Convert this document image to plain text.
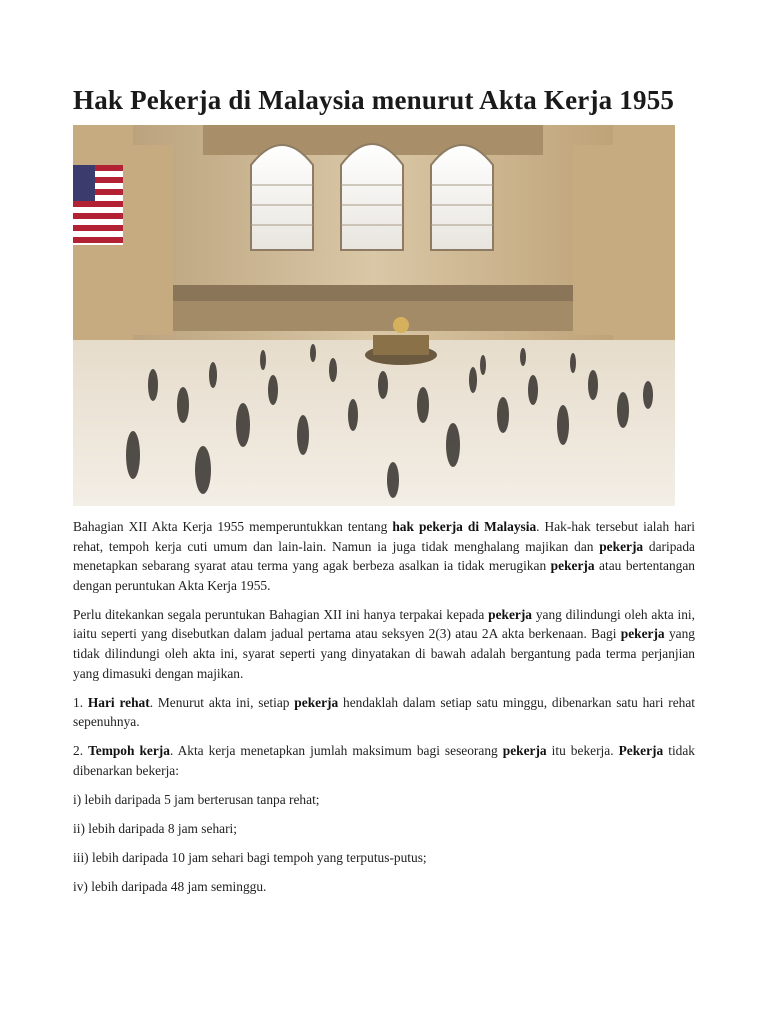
Hak Pekerja di Malaysia menurut Akta Kerja 1955

Bahagian XII Akta Kerja 1955 memperuntukkan tentang hak pekerja di Malaysia. Hak-hak tersebut ialah hari rehat, tempoh kerja cuti umum dan lain-lain. Namun ia juga tidak menghalang majikan dan pekerja daripada menetapkan sebarang syarat atau terma yang agak berbeza asalkan ia tidak merugikan pekerja atau bertentangan dengan peruntukan Akta Kerja 1955.

Perlu ditekankan segala peruntukan Bahagian XII ini hanya terpakai kepada pekerja yang dilindungi oleh akta ini, iaitu seperti yang disebutkan dalam jadual pertama atau seksyen 2(3) atau 2A akta berkenaan. Bagi pekerja yang tidak dilindungi oleh akta ini, syarat seperti yang dinyatakan di bawah adalah bergantung pada terma perjanjian yang dimasuki dengan majikan.

1. Hari rehat. Menurut akta ini, setiap pekerja hendaklah dalam setiap satu minggu, dibenarkan satu hari rehat sepenuhnya.

2. Tempoh kerja. Akta kerja menetapkan jumlah maksimum bagi seseorang pekerja itu bekerja. Pekerja tidak dibenarkan bekerja:

i) lebih daripada 5 jam berterusan tanpa rehat;

ii) lebih daripada 8 jam sehari;

iii) lebih daripada 10 jam sehari bagi tempoh yang terputus-putus;

iv) lebih daripada 48 jam seminggu.
